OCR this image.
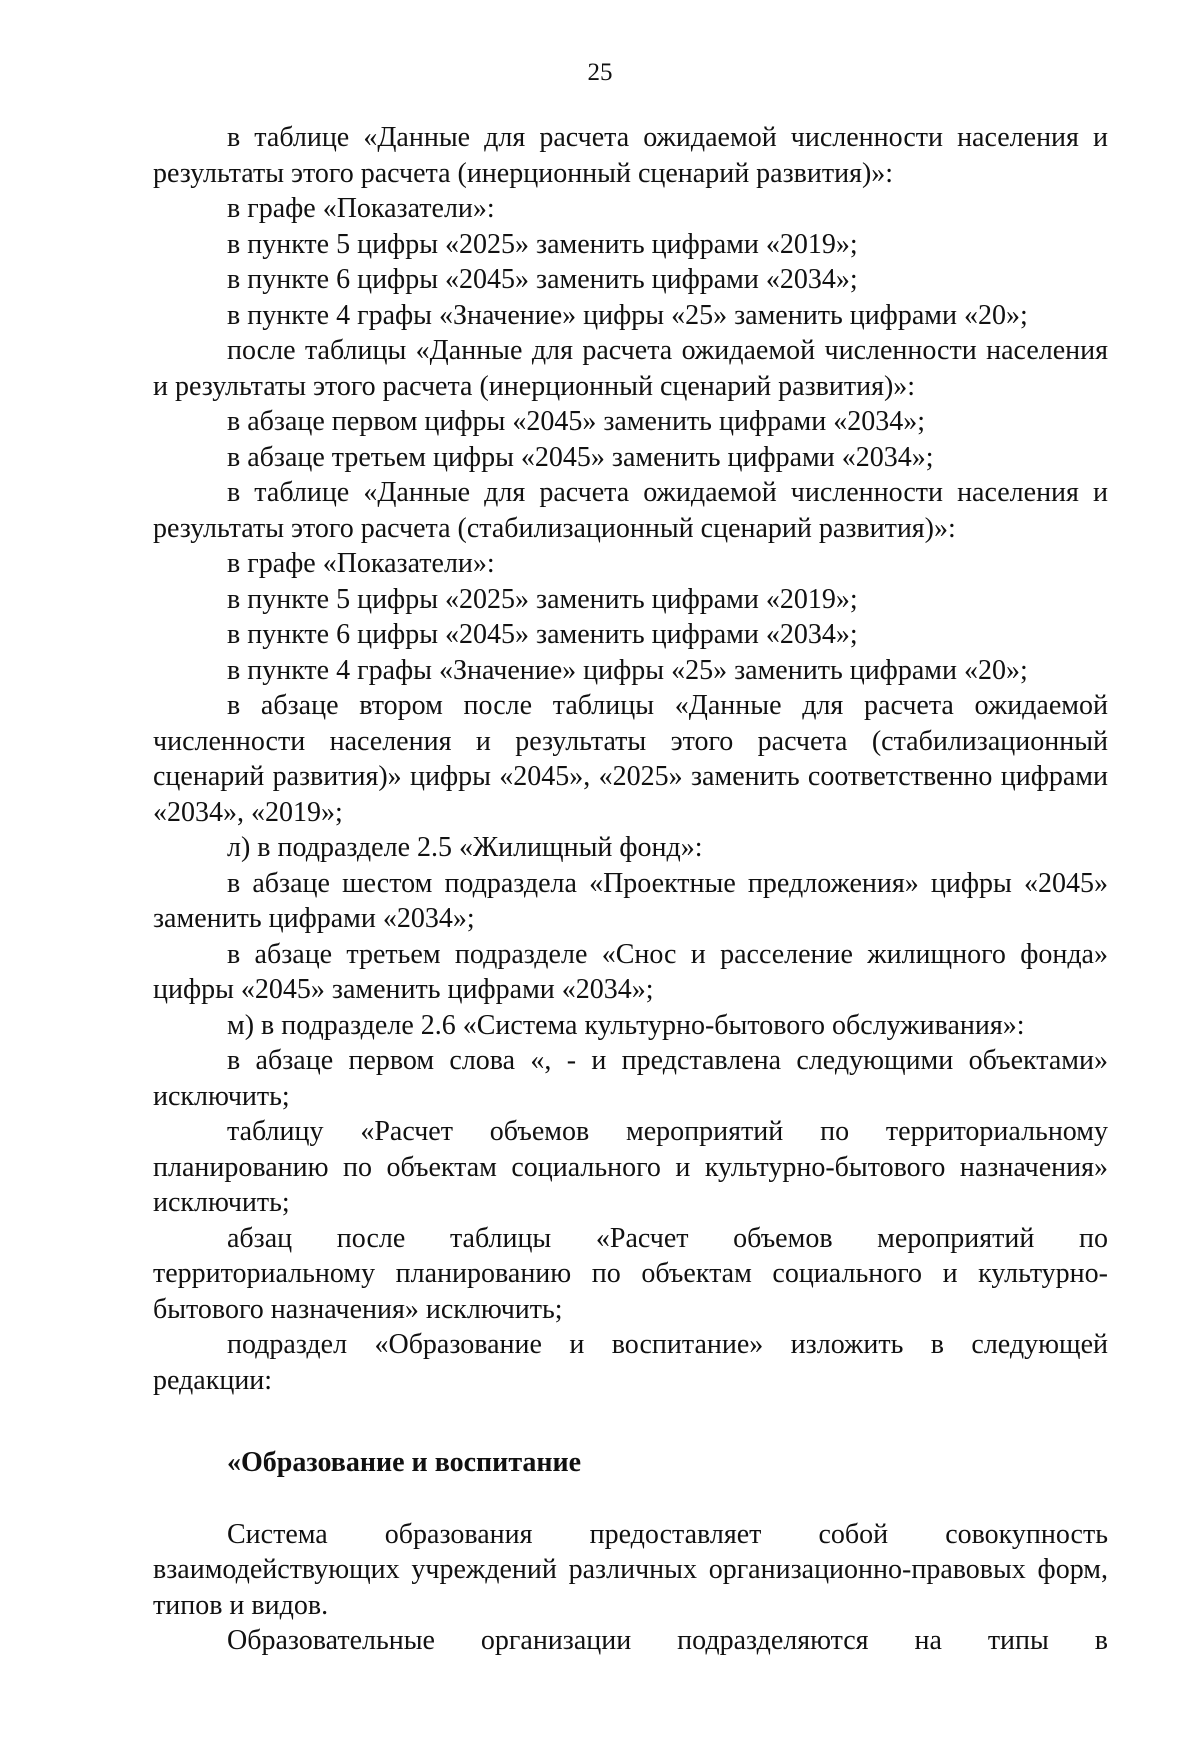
25

в таблице «Данные для расчета ожидаемой численности населения и результаты этого расчета (инерционный сценарий развития)»:

в графе «Показатели»:

в пункте 5 цифры «2025» заменить цифрами «2019»;

в пункте 6 цифры «2045» заменить цифрами «2034»;

в пункте 4 графы «Значение» цифры «25» заменить цифрами «20»;

после таблицы «Данные для расчета ожидаемой численности населения и результаты этого расчета (инерционный сценарий развития)»:

в абзаце первом цифры «2045» заменить цифрами «2034»;

в абзаце третьем цифры «2045» заменить цифрами «2034»;

в таблице «Данные для расчета ожидаемой численности населения и результаты этого расчета (стабилизационный сценарий развития)»:

в графе «Показатели»:

в пункте 5 цифры «2025» заменить цифрами «2019»;

в пункте 6 цифры «2045» заменить цифрами «2034»;

в пункте 4 графы «Значение» цифры «25» заменить цифрами «20»;

в абзаце втором после таблицы «Данные для расчета ожидаемой численности населения и результаты этого расчета (стабилизационный сценарий развития)» цифры «2045», «2025» заменить соответственно цифрами «2034», «2019»;

л) в подразделе 2.5 «Жилищный фонд»:

в абзаце шестом подраздела «Проектные предложения» цифры «2045» заменить цифрами «2034»;

в абзаце третьем подразделе «Снос и расселение жилищного фонда» цифры «2045» заменить цифрами «2034»;

м) в подразделе 2.6 «Система культурно-бытового обслуживания»:

в абзаце первом слова «, - и представлена следующими объектами» исключить;

таблицу «Расчет объемов мероприятий по территориальному планированию по объектам социального и культурно-бытового назначения» исключить;

абзац после таблицы «Расчет объемов мероприятий по территориальному планированию по объектам социального и культурно-бытового назначения» исключить;

подраздел «Образование и воспитание» изложить в следующей редакции:

«Образование и воспитание

Система образования предоставляет собой совокупность взаимодействующих учреждений различных организационно-правовых форм, типов и видов.

Образовательные организации подразделяются на типы в
